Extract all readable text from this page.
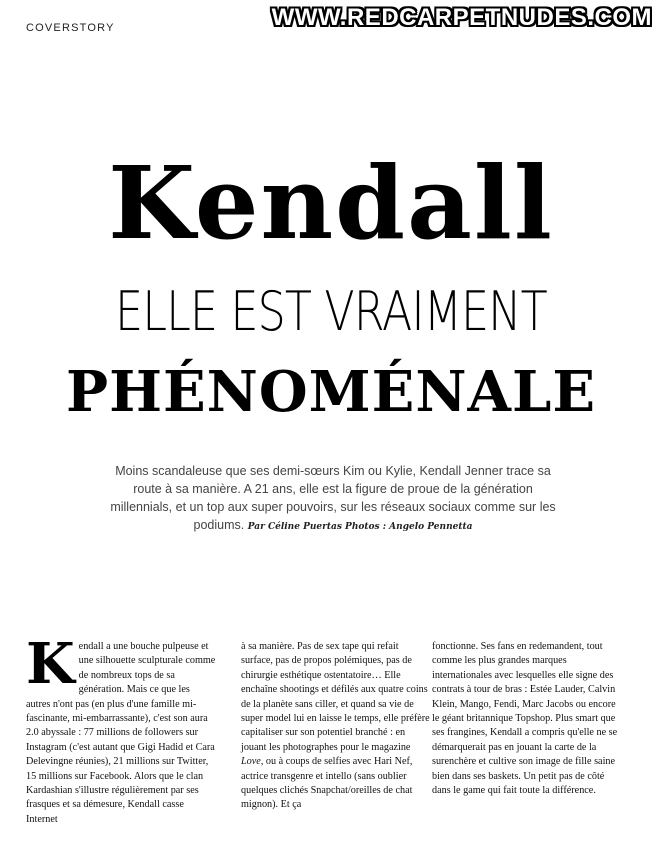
COVERSTORY	WWW.REDCARPETNUDES.COM
Kendall
ELLE EST VRAIMENT
PHÉNOMÉNALE
Moins scandaleuse que ses demi-sœurs Kim ou Kylie, Kendall Jenner trace sa route à sa manière. A 21 ans, elle est la figure de proue de la génération millennials, et un top aux super pouvoirs, sur les réseaux sociaux comme sur les podiums. Par Céline Puertas Photos : Angelo Pennetta
K endall a une bouche pulpeuse et une silhouette sculpturale comme de nombreux tops de sa génération. Mais ce que les autres n'ont pas (en plus d'une famille mi-fascinante, mi-embarrassante), c'est son aura 2.0 abyssale : 77 millions de followers sur Instagram (c'est autant que Gigi Hadid et Cara Delevingne réunies), 21 millions sur Twitter, 15 millions sur Facebook. Alors que le clan Kardashian s'illustre régulièrement par ses frasques et sa démesure, Kendall casse Internet
à sa manière. Pas de sex tape qui refait surface, pas de propos polémiques, pas de chirurgie esthétique ostentatoire… Elle enchaîne shootings et défilés aux quatre coins de la planète sans ciller, et quand sa vie de super model lui en laisse le temps, elle préfère capitaliser sur son potentiel branché : en jouant les photographes pour le magazine Love, ou à coups de selfies avec Hari Nef, actrice transgenre et intello (sans oublier quelques clichés Snapchat/oreilles de chat mignon). Et ça
fonctionne. Ses fans en redemandent, tout comme les plus grandes marques internationales avec lesquelles elle signe des contrats à tour de bras : Estée Lauder, Calvin Klein, Mango, Fendi, Marc Jacobs ou encore le géant britannique Topshop. Plus smart que ses frangines, Kendall a compris qu'elle ne se démarquerait pas en jouant la carte de la surenchère et cultive son image de fille saine bien dans ses baskets. Un petit pas de côté dans le game qui fait toute la différence.
